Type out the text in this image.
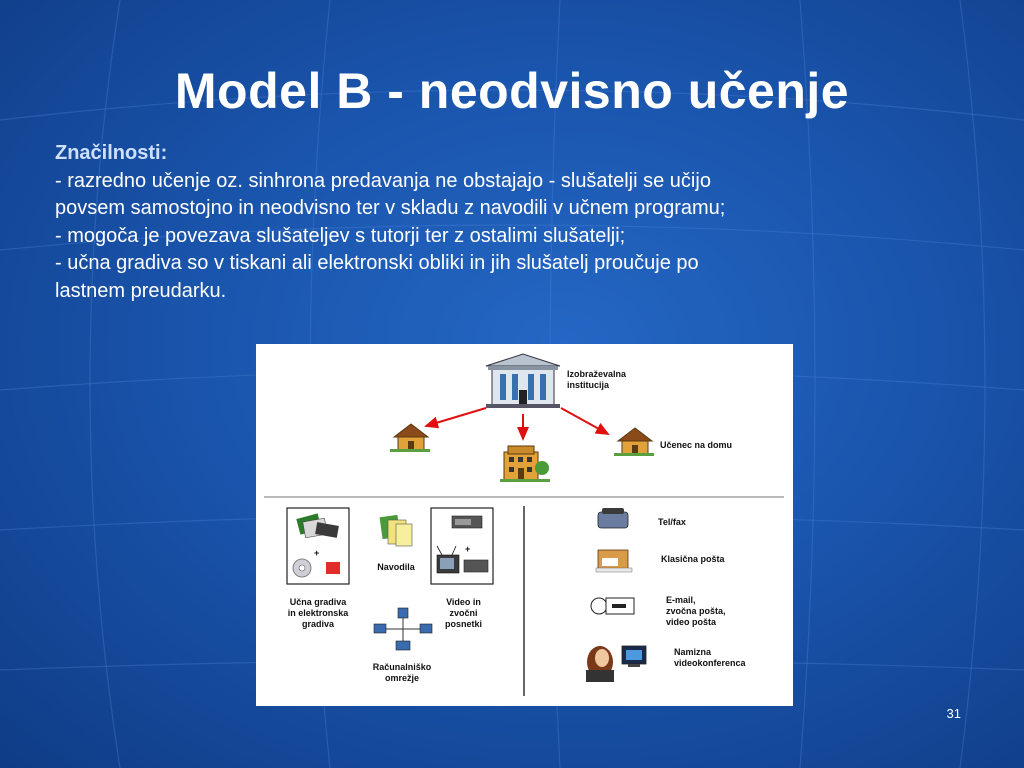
Model B - neodvisno učenje
Značilnosti:
- razredno učenje oz. sinhrona predavanja ne obstajajo - slušatelji se učijo
povsem samostojno in neodvisno ter v skladu z navodili v učnem programu;
- mogoča je povezava slušateljev s tutorji ter z ostalimi slušatelji;
- učna gradiva so v tiskani ali elektronski obliki in jih slušatelj proučuje po
lastnem preudarku.
Izobraževalna
institucija
Učenec na domu
+	+
Učna gradiva
in elektronska
gradiva
Navodila
Video in
zvočni
posnetki
Računalniško
omrežje
Tel/fax
Klasična pošta
E-mail,
zvočna pošta,
video pošta
Namizna
videokonferenca
31
